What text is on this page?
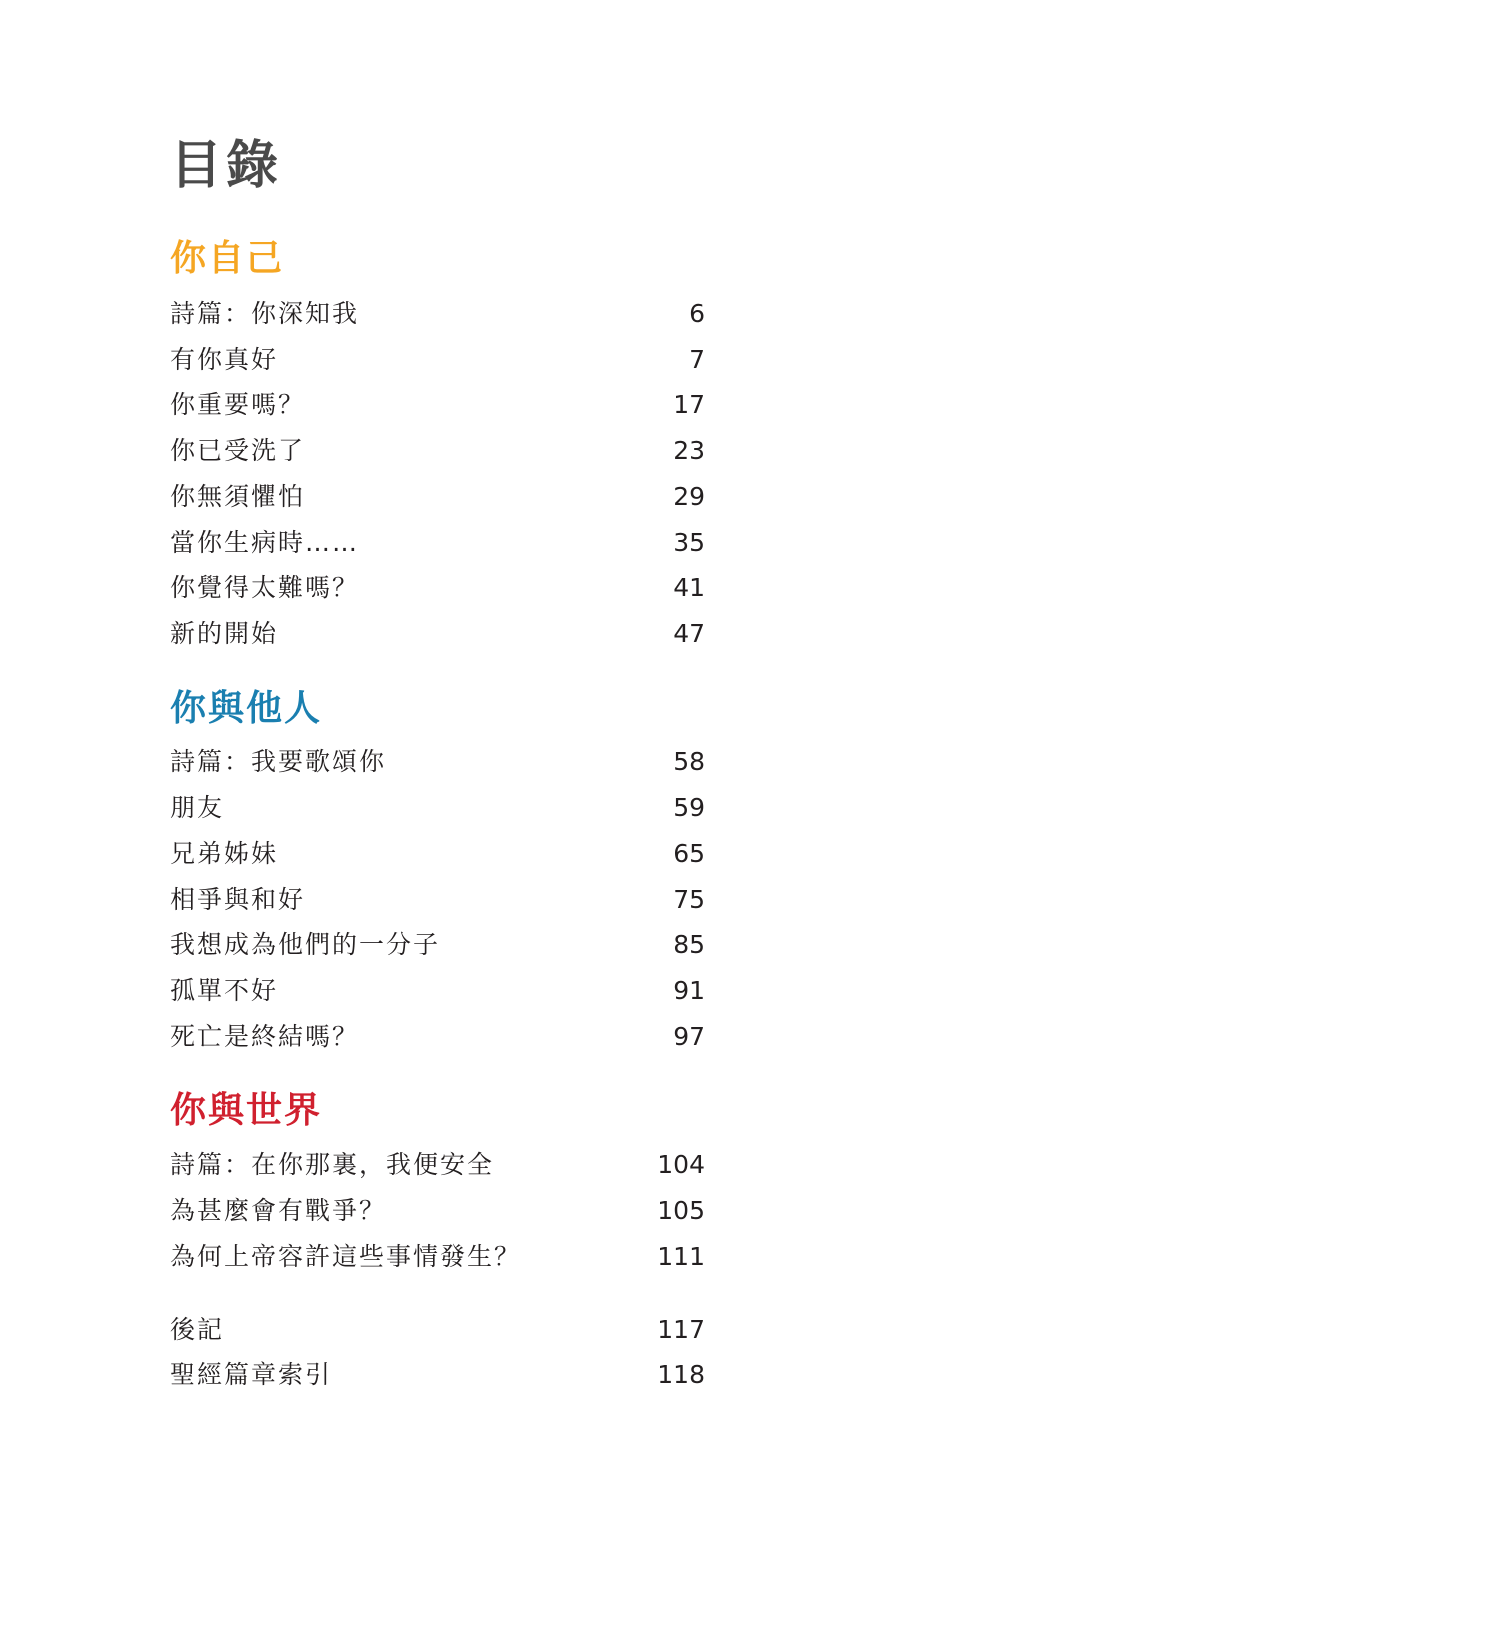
目錄
你自己
詩篇：你深知我	6
有你真好	7
你重要嗎？	17
你已受洗了	23
你無須懼怕	29
當你生病時……	35
你覺得太難嗎？	41
新的開始	47
你與他人
詩篇：我要歌頌你	58
朋友	59
兄弟姊妹	65
相爭與和好	75
我想成為他們的一分子	85
孤單不好	91
死亡是終結嗎？	97
你與世界
詩篇：在你那裏，我便安全	104
為甚麼會有戰爭？	105
為何上帝容許這些事情發生？	111
後記	117
聖經篇章索引	118
